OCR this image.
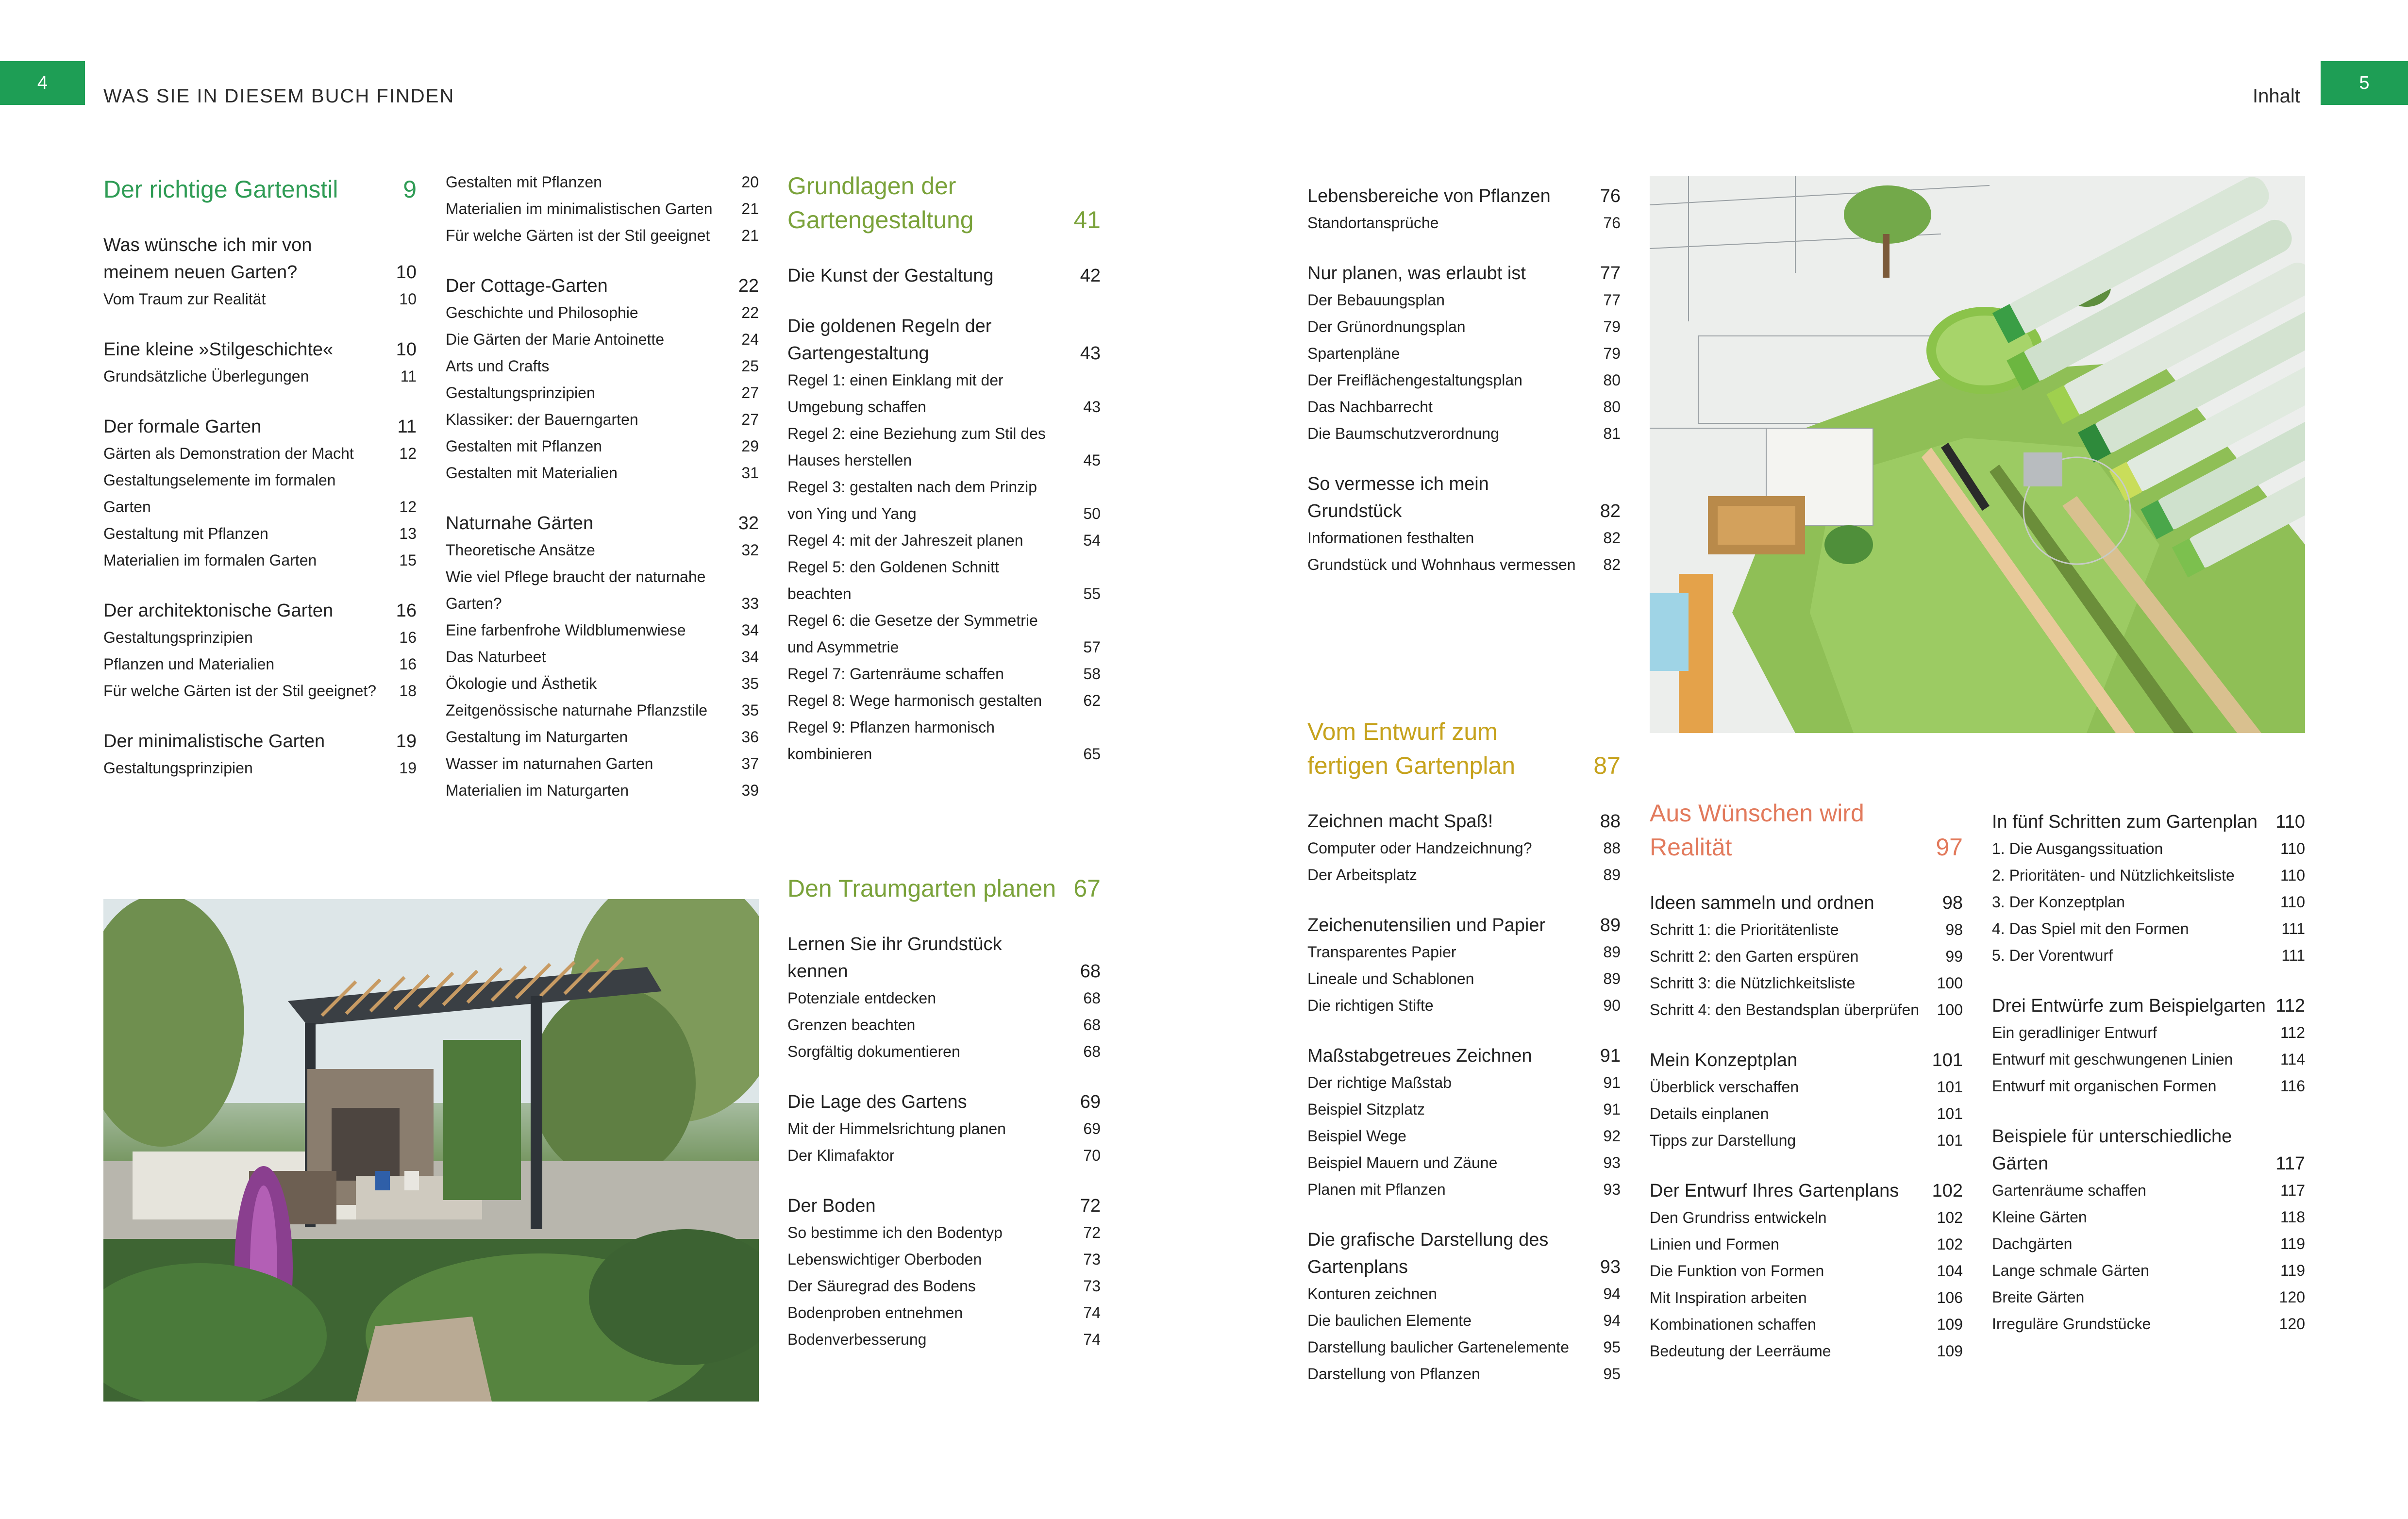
4
WAS SIE IN DIESEM BUCH FINDEN	Inhalt
5
Der richtige Gartenstil	9
Was wünsche ich mir von meinem neuen Garten?	10
Vom Traum zur Realität	10
Eine kleine »Stilgeschichte«	10
Grundsätzliche Überlegungen	11
Der formale Garten	11
Gärten als Demonstration der Macht	12
Gestaltungselemente im formalen Garten	12
Gestaltung mit Pflanzen	13
Materialien im formalen Garten	15
Der architektonische Garten	16
Gestaltungsprinzipien	16
Pflanzen und Materialien	16
Für welche Gärten ist der Stil geeignet? 18
Der minimalistische Garten	19
Gestaltungsprinzipien	19
Gestalten mit Pflanzen	20
Materialien im minimalistischen Garten 21
Für welche Gärten ist der Stil geeignet 21
Der Cottage-Garten	22
Geschichte und Philosophie	22
Die Gärten der Marie Antoinette	24
Arts und Crafts	25
Gestaltungsprinzipien	27
Klassiker: der Bauerngarten	27
Gestalten mit Pflanzen	29
Gestalten mit Materialien	31
Naturnahe Gärten	32
Theoretische Ansätze	32
Wie viel Pflege braucht der naturnahe Garten?	33
Eine farbenfrohe Wildblumenwiese	34
Das Naturbeet	34
Ökologie und Ästhetik	35
Zeitgenössische naturnahe Pflanzstile 35
Gestaltung im Naturgarten	36
Wasser im naturnahen Garten	37
Materialien im Naturgarten	39
Grundlagen der Gartengestaltung	41
Die Kunst der Gestaltung	42
Die goldenen Regeln der Gartengestaltung	43
Regel 1: einen Einklang mit der Umgebung schaffen	43
Regel 2: eine Beziehung zum Stil des Hauses herstellen	45
Regel 3: gestalten nach dem Prinzip von Ying und Yang	50
Regel 4: mit der Jahreszeit planen	54
Regel 5: den Goldenen Schnitt beachten	55
Regel 6: die Gesetze der Symmetrie und Asymmetrie	57
Regel 7: Gartenräume schaffen	58
Regel 8: Wege harmonisch gestalten	62
Regel 9: Pflanzen harmonisch kombinieren	65
Den Traumgarten planen 67
Lernen Sie ihr Grundstück kennen	68
Potenziale entdecken	68
Grenzen beachten	68
Sorgfältig dokumentieren	68
Die Lage des Gartens	69
Mit der Himmelsrichtung planen	69
Der Klimafaktor	70
Der Boden	72
So bestimme ich den Bodentyp	72
Lebenswichtiger Oberboden	73
Der Säuregrad des Bodens	73
Bodenproben entnehmen	74
Bodenverbesserung	74
Lebensbereiche von Pflanzen	76
Standortansprüche	76
Nur planen, was erlaubt ist	77
Der Bebauungsplan	77
Der Grünordnungsplan	79
Spartenpläne	79
Der Freiflächengestaltungsplan	80
Das Nachbarrecht	80
Die Baumschutzverordnung	81
So vermesse ich mein Grundstück	82
Informationen festhalten	82
Grundstück und Wohnhaus vermessen 82
Vom Entwurf zum fertigen Gartenplan	87
Zeichnen macht Spaß!	88
Computer oder Handzeichnung?	88
Der Arbeitsplatz	89
Zeichenutensilien und Papier	89
Transparentes Papier	89
Lineale und Schablonen	89
Die richtigen Stifte	90
Maßstabgetreues Zeichnen	91
Der richtige Maßstab	91
Beispiel Sitzplatz	91
Beispiel Wege	92
Beispiel Mauern und Zäune	93
Planen mit Pflanzen	93
Die grafische Darstellung des Gartenplans	93
Konturen zeichnen	94
Die baulichen Elemente	94
Darstellung baulicher Gartenelemente 95
Darstellung von Pflanzen	95
Aus Wünschen wird Realität	97
Ideen sammeln und ordnen	98
Schritt 1: die Prioritätenliste	98
Schritt 2: den Garten erspüren	99
Schritt 3: die Nützlichkeitsliste	100
Schritt 4: den Bestandsplan überprüfen 100
Mein Konzeptplan	101
Überblick verschaffen	101
Details einplanen	101
Tipps zur Darstellung	101
Der Entwurf Ihres Gartenplans 102
Den Grundriss entwickeln	102
Linien und Formen	102
Die Funktion von Formen	104
Mit Inspiration arbeiten	106
Kombinationen schaffen	109
Bedeutung der Leerräume	109
In fünf Schritten zum Gartenplan 110
1. Die Ausgangssituation	110
2. Prioritäten- und Nützlichkeitsliste	110
3. Der Konzeptplan	110
4. Das Spiel mit den Formen	111
5. Der Vorentwurf	111
Drei Entwürfe zum Beispielgarten 112
Ein geradliniger Entwurf	112
Entwurf mit geschwungenen Linien	114
Entwurf mit organischen Formen	116
Beispiele für unterschiedliche Gärten	117
Gartenräume schaffen	117
Kleine Gärten	118
Dachgärten	119
Lange schmale Gärten	119
Breite Gärten	120
Irreguläre Grundstücke	120
